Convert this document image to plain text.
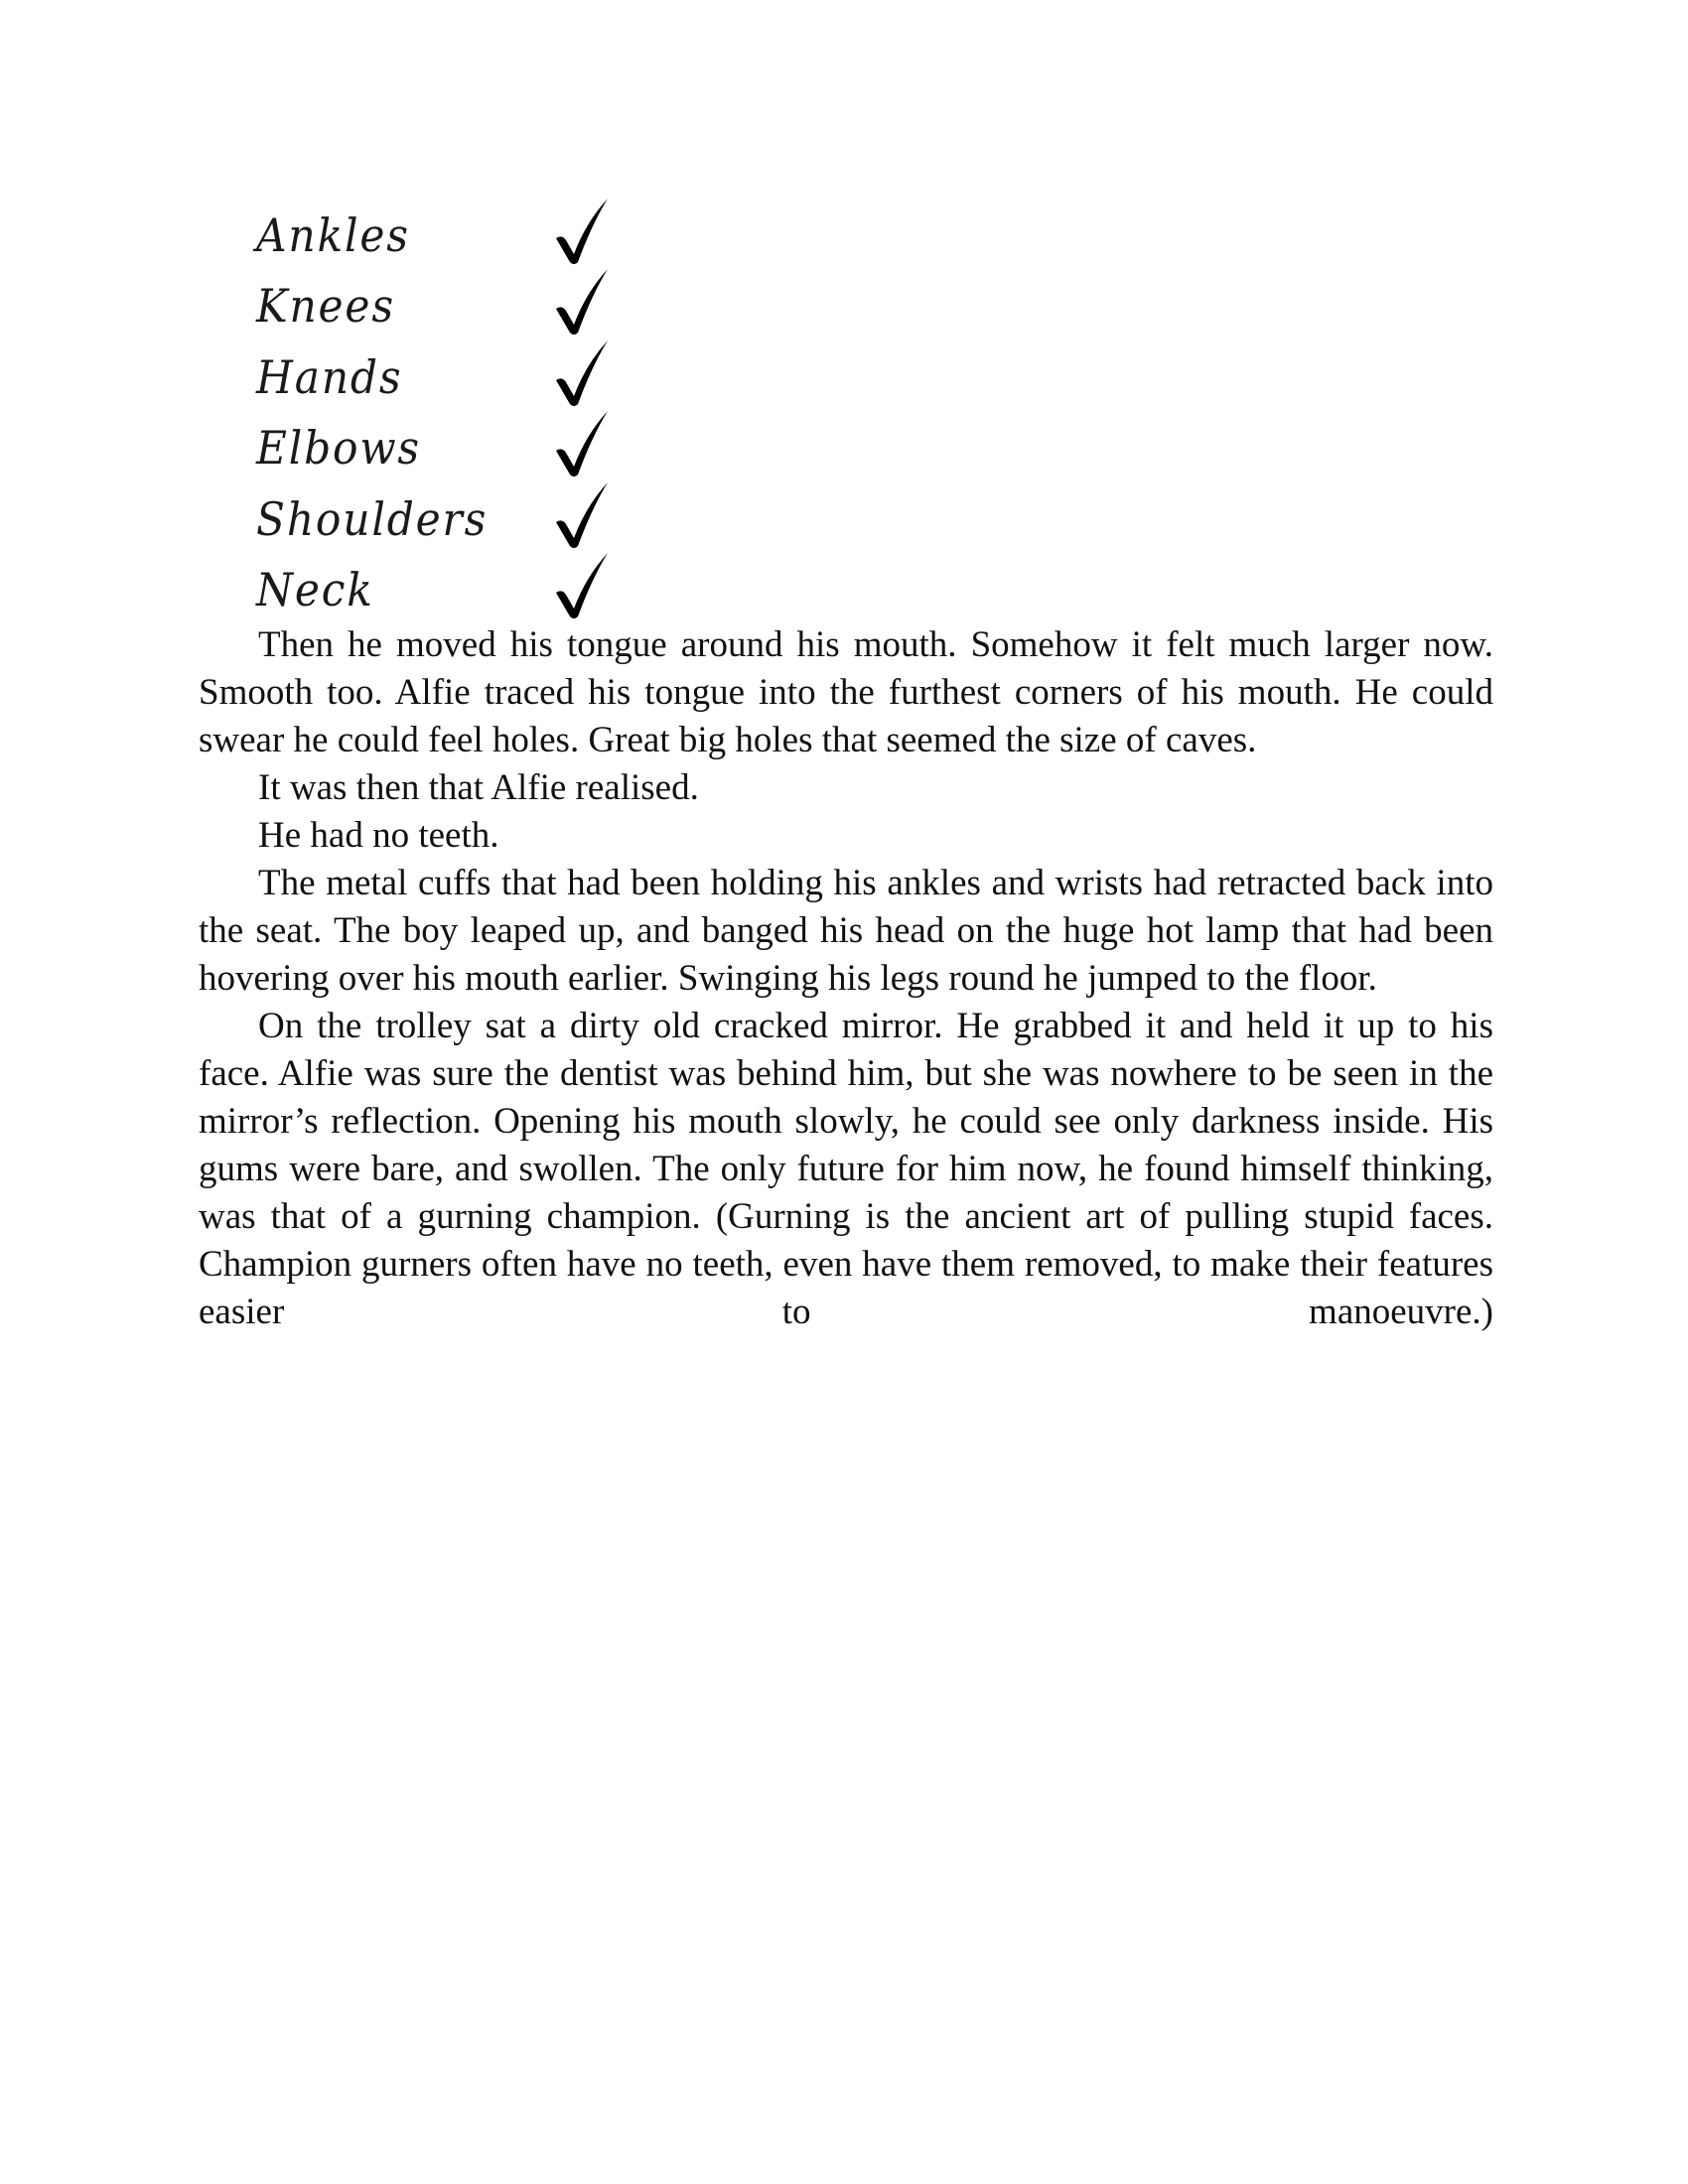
Ankles
Knees
Hands
Elbows
Shoulders
Neck

Then he moved his tongue around his mouth. Somehow it felt much larger now. Smooth too. Alfie traced his tongue into the furthest corners of his mouth. He could swear he could feel holes. Great big holes that seemed the size of caves.

It was then that Alfie realised.

He had no teeth.

The metal cuffs that had been holding his ankles and wrists had retracted back into the seat. The boy leaped up, and banged his head on the huge hot lamp that had been hovering over his mouth earlier. Swinging his legs round he jumped to the floor.

On the trolley sat a dirty old cracked mirror. He grabbed it and held it up to his face. Alfie was sure the dentist was behind him, but she was nowhere to be seen in the mirror’s reflection. Opening his mouth slowly, he could see only darkness inside. His gums were bare, and swollen. The only future for him now, he found himself thinking, was that of a gurning champion. (Gurning is the ancient art of pulling stupid faces. Champion gurners often have no teeth, even have them removed, to make their features easier to manoeuvre.)
